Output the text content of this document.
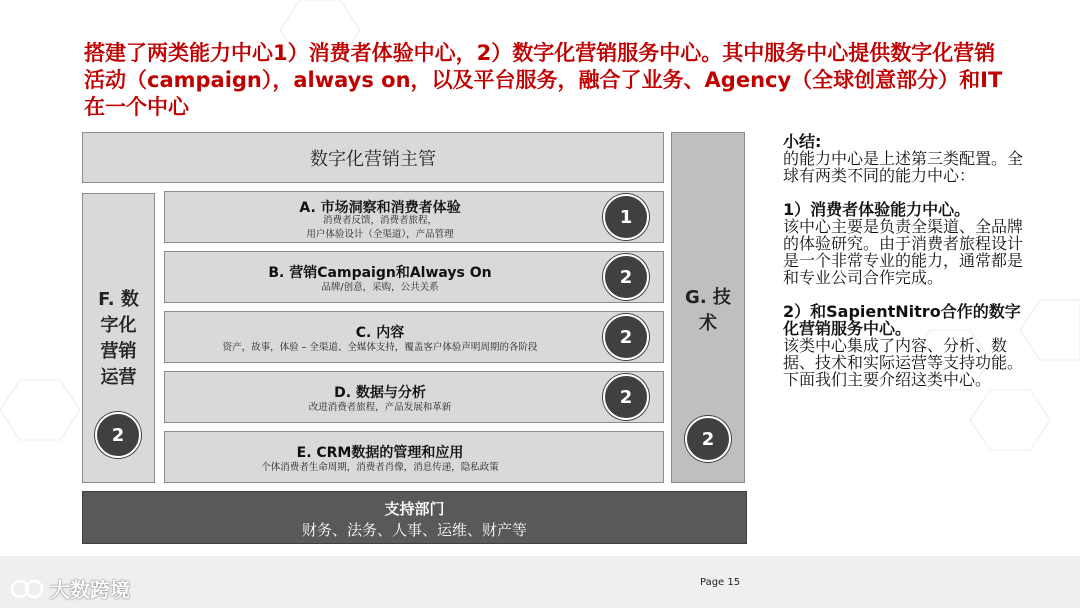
搭建了两类能力中心1）消费者体验中心，2）数字化营销服务中心。其中服务中心提供数字化营销活动（campaign），always on，以及平台服务，融合了业务、Agency（全球创意部分）和IT在一个中心
数字化营销主管
F. 数
字化
营销
运营
2
G. 技
术
2
A. 市场洞察和消费者体验
消费者反馈，消费者旅程，
用户体验设计（全渠道），产品管理
1
B. 营销Campaign和Always On
品牌/创意，采购，公共关系	2
C. 内容
资产，故事，体验 – 全渠道、全媒体支持，覆盖客户体验声明周期的各阶段	2
D. 数据与分析
改进消费者旅程，产品发展和革新	2
E. CRM数据的管理和应用
个体消费者生命周期，消费者肖像，消息传递，隐私政策
支持部门
财务、法务、人事、运维、财产等

小结:

的能力中心是上述第三类配置。全球有两类不同的能力中心：

1）消费者体验能力中心。

该中心主要是负责全渠道、全品牌的体验研究。由于消费者旅程设计是一个非常专业的能力，通常都是和专业公司合作完成。

2）和SapientNitro合作的数字化营销服务中心。

该类中心集成了内容、分析、数据、技术和实际运营等支持功能。下面我们主要介绍这类中心。

Page 15
大数跨境
